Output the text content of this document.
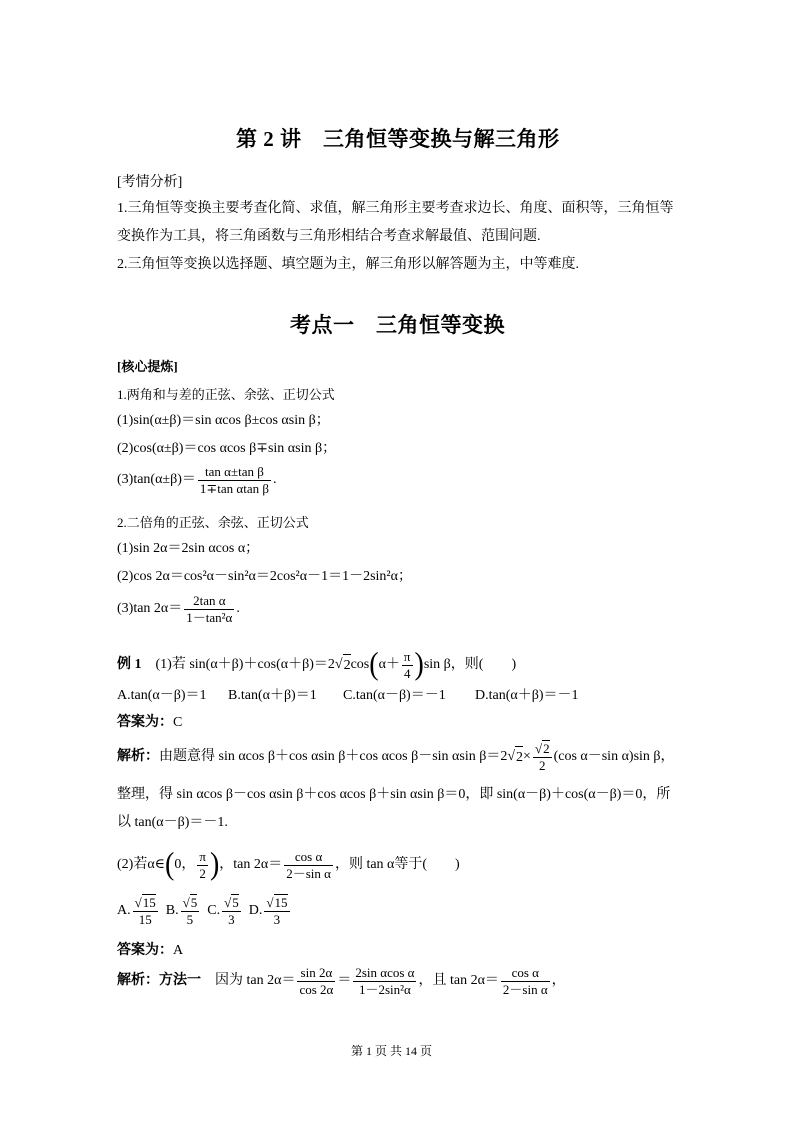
第 2 讲　三角恒等变换与解三角形
[考情分析]
1.三角恒等变换主要考查化简、求值，解三角形主要考查求边长、角度、面积等，三角恒等
变换作为工具，将三角函数与三角形相结合考查求解最值、范围问题.
2.三角恒等变换以选择题、填空题为主，解三角形以解答题为主，中等难度.
考点一　三角恒等变换
[核心提炼]
1.两角和与差的正弦、余弦、正切公式
(1)sin(α±β)＝sin αcos β±cos αsin β；
(2)cos(α±β)＝cos αcos β∓sin αsin β；
$(3)\tan(\alpha\pm\beta)= \frac{\text{tan α±tan β}}{\text{1∓tan αtan β}}$ .
2.二倍角的正弦、余弦、正切公式
(1)sin 2α＝2sin αcos α；
(2)cos 2α＝cos²α－sin²α＝2cos²α－1＝1－2sin²α；
(3)tan $2\alpha= \frac{\text{2tan α}}{\text{1－tan²α}}$ .
例 1 (1)若 sin(α＋β)＋cos(α＋β)＝2 √ 2 cos ( $\alpha+ \frac{\pi}{4}$ ) sin β，则(　　)
A.tan(α－β)＝1 B.tan(α＋β)＝1 C.tan(α－β)＝－1 D.tan(α＋β)＝－1
答案为：C
解析： 由题意得 sin αcos β＋cos αsin β＋cos αcos β－sin αsin β＝2 √ $2 \times \frac{√2}{2} (\cos$ α－sin α)sin β，
整理，得 sin αcos β－cos αsin β＋cos αcos β＋sin αsin β＝0，即 sin(α－β)＋cos(α－β)＝0，所
以 tan(α－β)＝－1.
(2)若α∈ ( 0， $\frac{\pi}{2}$ ) ，$\tan 2\alpha= \frac{\text{cos α}}{\text{2－sin α}}$ ，则 tan α等于(　　)
A. $\frac{√15}{15} B$. $\frac{√5}{5} C$. $\frac{√5}{3} D$. $\frac{√15}{3}$
答案为：A
解析： 方法一 因为 $\tan 2\alpha= \frac{\sin 2\alpha}{\cos 2\alpha} = \frac{\text{2sin αcos α}}{\text{1－2sin²α}}$ ，且 $\tan 2\alpha= \frac{\text{cos α}}{\text{2－sin α}}$ ，
第 1 页 共 14 页
